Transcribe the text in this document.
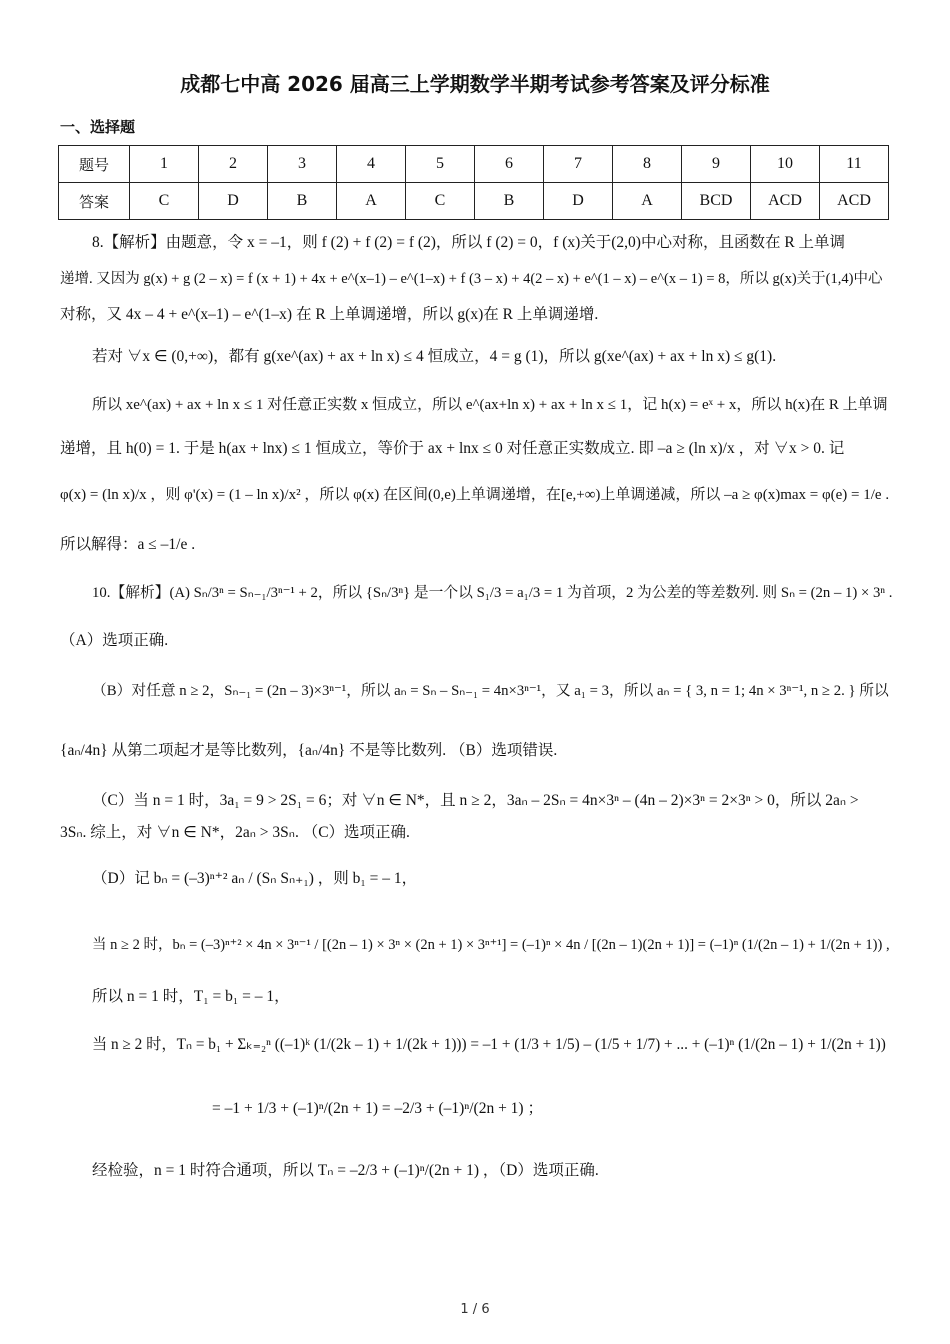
成都七中高 2026 届高三上学期数学半期考试参考答案及评分标准
一、选择题
题号	1	2	3	4	5	6	7	8	9	10	11
答案	C	D	B	A	C	B	D	A	BCD	ACD	ACD
8.【解析】由题意，令 x = –1，则 f (2) + f (2) = f (2)，所以 f (2) = 0，f (x)关于(2,0)中心对称，且函数在 R 上单调
递增. 又因为 g(x) + g (2 – x) = f (x + 1) + 4x + e^(x–1) – e^(1–x) + f (3 – x) + 4(2 – x) + e^(1 – x) – e^(x – 1) = 8，所以 g(x)关于(1,4)中心
对称，又 4x – 4 + e^(x–1) – e^(1–x) 在 R 上单调递增，所以 g(x)在 R 上单调递增.
若对 ∀x ∈ (0,+∞)，都有 g(xe^(ax) + ax + ln x) ≤ 4 恒成立，4 = g (1)，所以 g(xe^(ax) + ax + ln x) ≤ g(1).
所以 xe^(ax) + ax + ln x ≤ 1 对任意正实数 x 恒成立，所以 e^(ax+ln x) + ax + ln x ≤ 1，记 h(x) = eˣ + x，所以 h(x)在 R 上单调
递增，且 h(0) = 1. 于是 h(ax + lnx) ≤ 1 恒成立，等价于 ax + lnx ≤ 0 对任意正实数成立. 即 –a ≥ (ln x)/x ，对 ∀x > 0. 记
φ(x) = (ln x)/x ，则 φ'(x) = (1 – ln x)/x² ，所以 φ(x) 在区间(0,e)上单调递增，在[e,+∞)上单调递减，所以 –a ≥ φ(x)max = φ(e) = 1/e .
所以解得：a ≤ –1/e .
10.【解析】(A) Sₙ/3ⁿ = Sₙ₋₁/3ⁿ⁻¹ + 2，所以 {Sₙ/3ⁿ} 是一个以 S₁/3 = a₁/3 = 1 为首项，2 为公差的等差数列. 则 Sₙ = (2n – 1) × 3ⁿ .
（A）选项正确.
（B）对任意 n ≥ 2，Sₙ₋₁ = (2n – 3)×3ⁿ⁻¹，所以 aₙ = Sₙ – Sₙ₋₁ = 4n×3ⁿ⁻¹，又 a₁ = 3，所以 aₙ = { 3, n = 1; 4n × 3ⁿ⁻¹, n ≥ 2. } 所以
{aₙ/4n} 从第二项起才是等比数列，{aₙ/4n} 不是等比数列. （B）选项错误.
（C）当 n = 1 时，3a₁ = 9 > 2S₁ = 6；对 ∀n ∈ N*，且 n ≥ 2，3aₙ – 2Sₙ = 4n×3ⁿ – (4n – 2)×3ⁿ = 2×3ⁿ > 0，所以 2aₙ >
3Sₙ. 综上，对 ∀n ∈ N*，2aₙ > 3Sₙ. （C）选项正确.
（D）记 bₙ = (–3)ⁿ⁺² aₙ / (Sₙ Sₙ₊₁) ，则 b₁ = – 1，
当 n ≥ 2 时，bₙ = (–3)ⁿ⁺² × 4n × 3ⁿ⁻¹ / [(2n – 1) × 3ⁿ × (2n + 1) × 3ⁿ⁺¹] = (–1)ⁿ × 4n / [(2n – 1)(2n + 1)] = (–1)ⁿ (1/(2n – 1) + 1/(2n + 1)) ,
所以 n = 1 时，T₁ = b₁ = – 1，
当 n ≥ 2 时，Tₙ = b₁ + Σₖ₌₂ⁿ ((–1)ᵏ (1/(2k – 1) + 1/(2k + 1))) = –1 + (1/3 + 1/5) – (1/5 + 1/7) + ... + (–1)ⁿ (1/(2n – 1) + 1/(2n + 1))
= –1 + 1/3 + (–1)ⁿ/(2n + 1) = –2/3 + (–1)ⁿ/(2n + 1) ；
经检验，n = 1 时符合通项，所以 Tₙ = –2/3 + (–1)ⁿ/(2n + 1) ，（D）选项正确.
1 / 6
